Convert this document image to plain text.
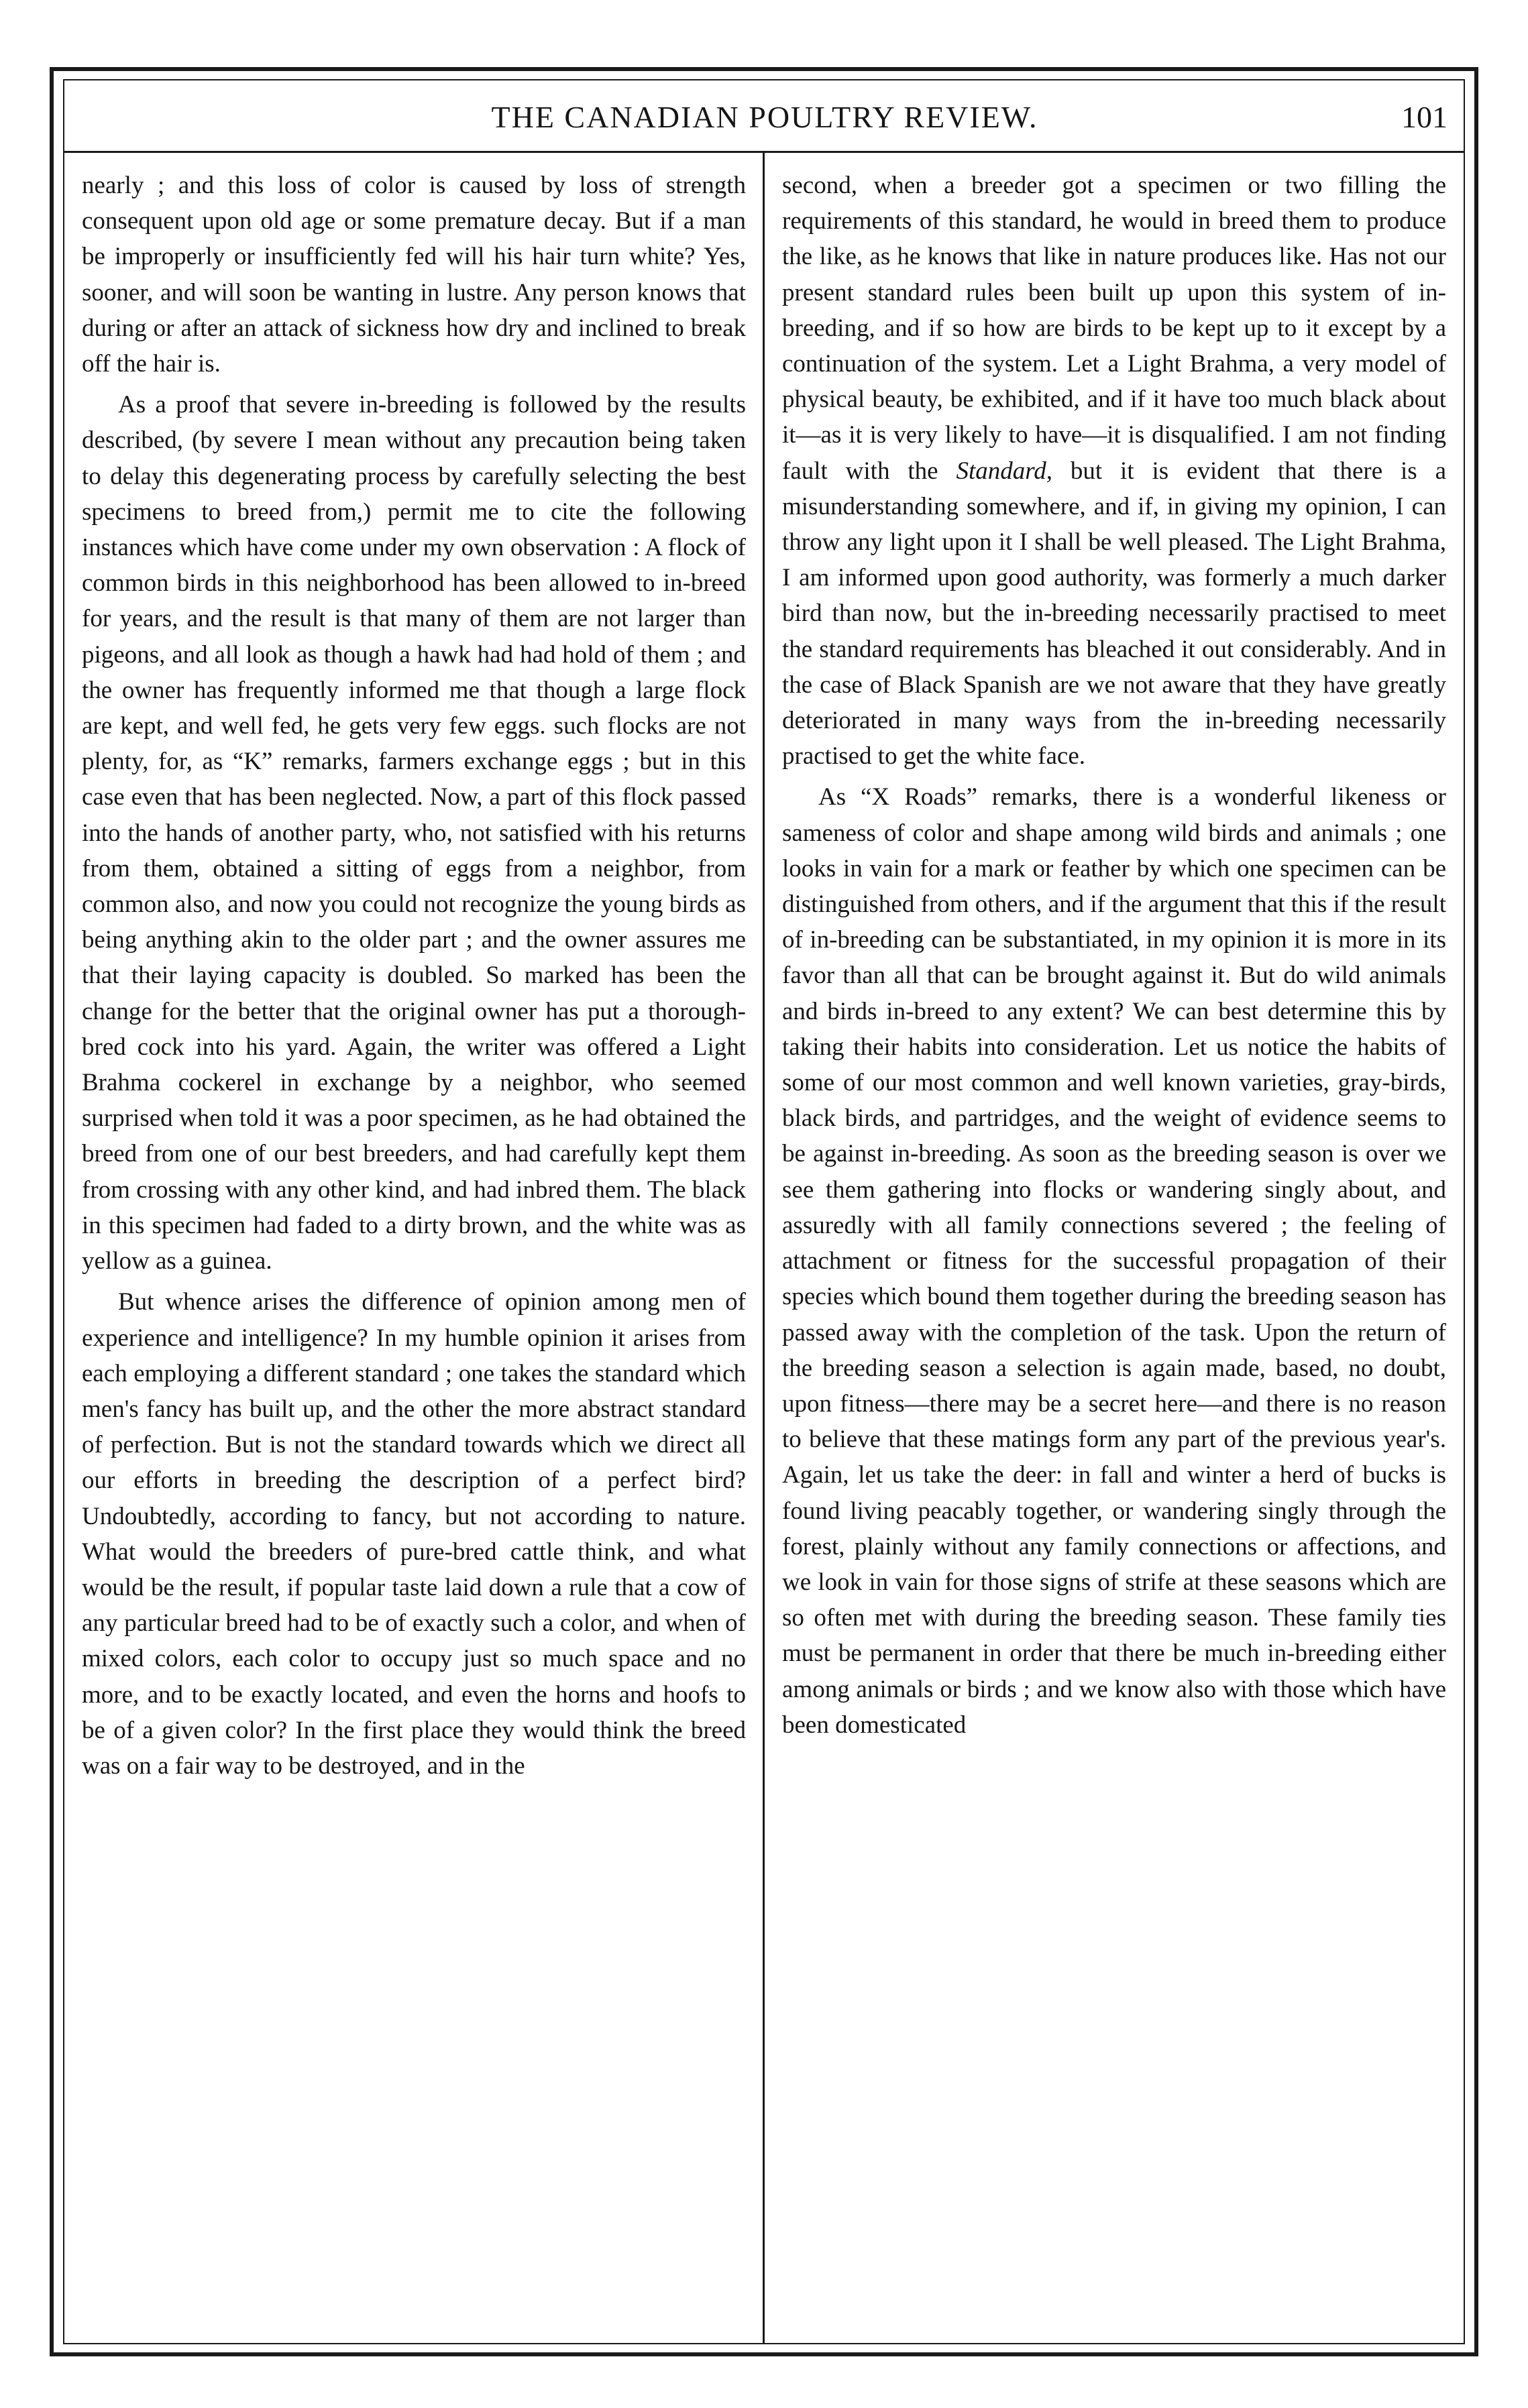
THE CANADIAN POULTRY REVIEW.	101

nearly ; and this loss of color is caused by loss of strength consequent upon old age or some premature decay. But if a man be improperly or insufficiently fed will his hair turn white? Yes, sooner, and will soon be wanting in lustre. Any person knows that during or after an attack of sickness how dry and inclined to break off the hair is.

As a proof that severe in-breeding is followed by the results described, (by severe I mean without any precaution being taken to delay this degenerating process by carefully selecting the best specimens to breed from,) permit me to cite the following instances which have come under my own observation : A flock of common birds in this neighborhood has been allowed to in-breed for years, and the result is that many of them are not larger than pigeons, and all look as though a hawk had had hold of them ; and the owner has frequently informed me that though a large flock are kept, and well fed, he gets very few eggs. such flocks are not plenty, for, as “K” remarks, farmers exchange eggs ; but in this case even that has been neglected. Now, a part of this flock passed into the hands of another party, who, not satisfied with his returns from them, obtained a sitting of eggs from a neighbor, from common also, and now you could not recognize the young birds as being anything akin to the older part ; and the owner assures me that their laying capacity is doubled. So marked has been the change for the better that the original owner has put a thorough-bred cock into his yard. Again, the writer was offered a Light Brahma cockerel in exchange by a neighbor, who seemed surprised when told it was a poor specimen, as he had obtained the breed from one of our best breeders, and had carefully kept them from crossing with any other kind, and had inbred them. The black in this specimen had faded to a dirty brown, and the white was as yellow as a guinea.

But whence arises the difference of opinion among men of experience and intelligence? In my humble opinion it arises from each employing a different standard ; one takes the standard which men's fancy has built up, and the other the more abstract standard of perfection. But is not the standard towards which we direct all our efforts in breeding the description of a perfect bird? Undoubtedly, according to fancy, but not according to nature. What would the breeders of pure-bred cattle think, and what would be the result, if popular taste laid down a rule that a cow of any particular breed had to be of exactly such a color, and when of mixed colors, each color to occupy just so much space and no more, and to be exactly located, and even the horns and hoofs to be of a given color? In the first place they would think the breed was on a fair way to be destroyed, and in the

second, when a breeder got a specimen or two filling the requirements of this standard, he would in breed them to produce the like, as he knows that like in nature produces like. Has not our present standard rules been built up upon this system of in-breeding, and if so how are birds to be kept up to it except by a continuation of the system. Let a Light Brahma, a very model of physical beauty, be exhibited, and if it have too much black about it—as it is very likely to have—it is disqualified. I am not finding fault with the Standard, but it is evident that there is a misunderstanding somewhere, and if, in giving my opinion, I can throw any light upon it I shall be well pleased. The Light Brahma, I am informed upon good authority, was formerly a much darker bird than now, but the in-breeding necessarily practised to meet the standard requirements has bleached it out considerably. And in the case of Black Spanish are we not aware that they have greatly deteriorated in many ways from the in-breeding necessarily practised to get the white face.

As “X Roads” remarks, there is a wonderful likeness or sameness of color and shape among wild birds and animals ; one looks in vain for a mark or feather by which one specimen can be distinguished from others, and if the argument that this if the result of in-breeding can be substantiated, in my opinion it is more in its favor than all that can be brought against it. But do wild animals and birds in-breed to any extent? We can best determine this by taking their habits into consideration. Let us notice the habits of some of our most common and well known varieties, gray-birds, black birds, and partridges, and the weight of evidence seems to be against in-breeding. As soon as the breeding season is over we see them gathering into flocks or wandering singly about, and assuredly with all family connections severed ; the feeling of attachment or fitness for the successful propagation of their species which bound them together during the breeding season has passed away with the completion of the task. Upon the return of the breeding season a selection is again made, based, no doubt, upon fitness—there may be a secret here—and there is no reason to believe that these matings form any part of the previous year's. Again, let us take the deer: in fall and winter a herd of bucks is found living peacably together, or wandering singly through the forest, plainly without any family connections or affections, and we look in vain for those signs of strife at these seasons which are so often met with during the breeding season. These family ties must be permanent in order that there be much in-breeding either among animals or birds ; and we know also with those which have been domesticated
